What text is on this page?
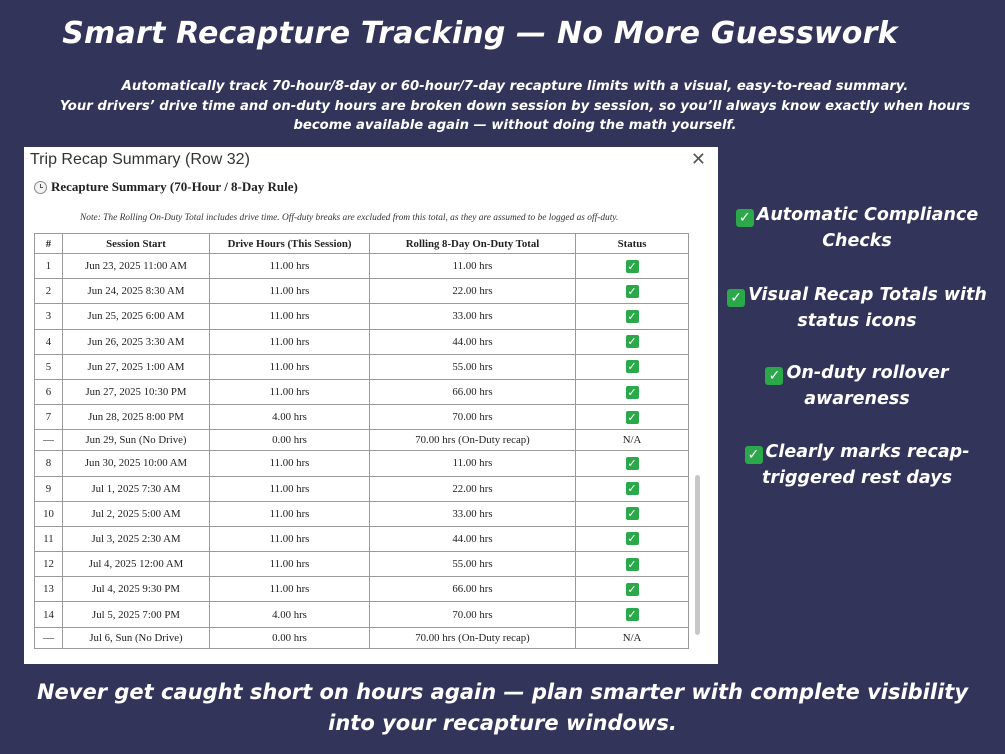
Smart Recapture Tracking — No More Guesswork
Automatically track 70-hour/8-day or 60-hour/7-day recapture limits with a visual, easy-to-read summary.
Your drivers’ drive time and on-duty hours are broken down session by session, so you’ll always know exactly when hours
become available again — without doing the math yourself.
Trip Recap Summary (Row 32)	✕
Recapture Summary (70-Hour / 8-Day Rule)
Note: The Rolling On-Duty Total includes drive time. Off-duty breaks are excluded from this total, as they are assumed to be logged as off-duty.
#	Session Start	Drive Hours (This Session)	Rolling 8-Day On-Duty Total	Status
1	Jun 23, 2025 11:00 AM	11.00 hrs	11.00 hrs	✓
2	Jun 24, 2025 8:30 AM	11.00 hrs	22.00 hrs	✓
3	Jun 25, 2025 6:00 AM	11.00 hrs	33.00 hrs	✓
4	Jun 26, 2025 3:30 AM	11.00 hrs	44.00 hrs	✓
5	Jun 27, 2025 1:00 AM	11.00 hrs	55.00 hrs	✓
6	Jun 27, 2025 10:30 PM	11.00 hrs	66.00 hrs	✓
7	Jun 28, 2025 8:00 PM	4.00 hrs	70.00 hrs	✓
—	Jun 29, Sun (No Drive)	0.00 hrs	70.00 hrs (On-Duty recap)	N/A
8	Jun 30, 2025 10:00 AM	11.00 hrs	11.00 hrs	✓
9	Jul 1, 2025 7:30 AM	11.00 hrs	22.00 hrs	✓
10	Jul 2, 2025 5:00 AM	11.00 hrs	33.00 hrs	✓
11	Jul 3, 2025 2:30 AM	11.00 hrs	44.00 hrs	✓
12	Jul 4, 2025 12:00 AM	11.00 hrs	55.00 hrs	✓
13	Jul 4, 2025 9:30 PM	11.00 hrs	66.00 hrs	✓
14	Jul 5, 2025 7:00 PM	4.00 hrs	70.00 hrs	✓
—	Jul 6, Sun (No Drive)	0.00 hrs	70.00 hrs (On-Duty recap)	N/A
✓ Automatic Compliance
Checks
✓ Visual Recap Totals with
status icons
✓ On-duty rollover
awareness
✓ Clearly marks recap-
triggered rest days
Never get caught short on hours again — plan smarter with complete visibility
into your recapture windows.
